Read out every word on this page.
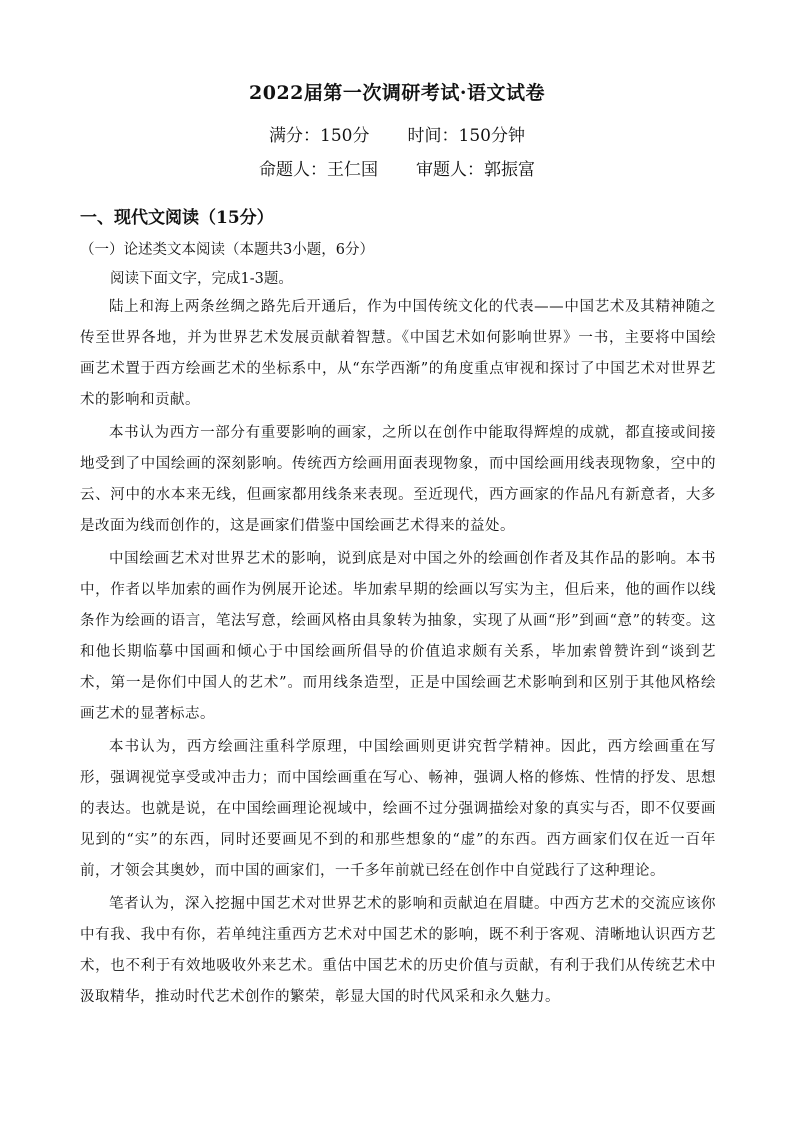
2022届第一次调研考试·语文试卷
满分：150分 时间：150分钟
命题人：王仁国 审题人：郭振富
一、现代文阅读（15分）
（一）论述类文本阅读（本题共3小题，6分）
阅读下面文字，完成1-3题。

陆上和海上两条丝绸之路先后开通后，作为中国传统文化的代表——中国艺术及其精神随之传至世界各地，并为世界艺术发展贡献着智慧。《中国艺术如何影响世界》一书，主要将中国绘画艺术置于西方绘画艺术的坐标系中，从“东学西渐”的角度重点审视和探讨了中国艺术对世界艺术的影响和贡献。

本书认为西方一部分有重要影响的画家，之所以在创作中能取得辉煌的成就，都直接或间接地受到了中国绘画的深刻影响。传统西方绘画用面表现物象，而中国绘画用线表现物象，空中的云、河中的水本来无线，但画家都用线条来表现。至近现代，西方画家的作品凡有新意者，大多是改面为线而创作的，这是画家们借鉴中国绘画艺术得来的益处。

中国绘画艺术对世界艺术的影响，说到底是对中国之外的绘画创作者及其作品的影响。本书中，作者以毕加索的画作为例展开论述。毕加索早期的绘画以写实为主，但后来，他的画作以线条作为绘画的语言，笔法写意，绘画风格由具象转为抽象，实现了从画“形”到画“意”的转变。这和他长期临摹中国画和倾心于中国绘画所倡导的价值追求颇有关系，毕加索曾赞许到“谈到艺术，第一是你们中国人的艺术”。而用线条造型，正是中国绘画艺术影响到和区别于其他风格绘画艺术的显著标志。

本书认为，西方绘画注重科学原理，中国绘画则更讲究哲学精神。因此，西方绘画重在写形，强调视觉享受或冲击力；而中国绘画重在写心、畅神，强调人格的修炼、性情的抒发、思想的表达。也就是说，在中国绘画理论视域中，绘画不过分强调描绘对象的真实与否，即不仅要画见到的“实”的东西，同时还要画见不到的和那些想象的“虚”的东西。西方画家们仅在近一百年前，才领会其奥妙，而中国的画家们，一千多年前就已经在创作中自觉践行了这种理论。

笔者认为，深入挖掘中国艺术对世界艺术的影响和贡献迫在眉睫。中西方艺术的交流应该你中有我、我中有你，若单纯注重西方艺术对中国艺术的影响，既不利于客观、清晰地认识西方艺术，也不利于有效地吸收外来艺术。重估中国艺术的历史价值与贡献，有利于我们从传统艺术中汲取精华，推动时代艺术创作的繁荣，彰显大国的时代风采和永久魅力。
